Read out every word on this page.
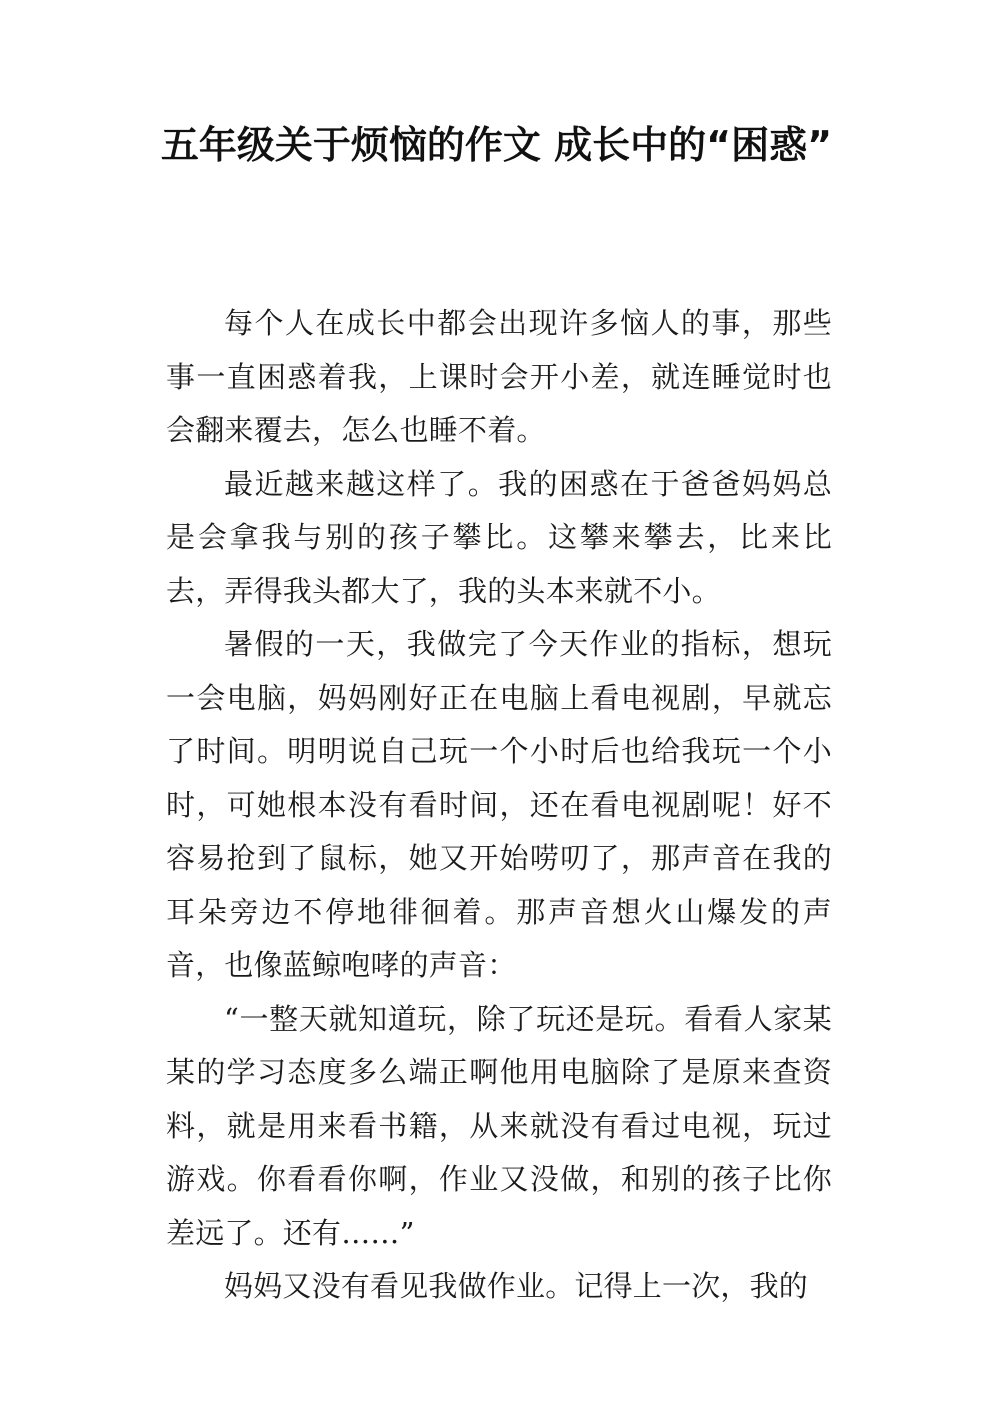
五年级关于烦恼的作文 成长中的“困惑”

每个人在成长中都会出现许多恼人的事，那些事一直困惑着我，上课时会开小差，就连睡觉时也会翻来覆去，怎么也睡不着。

最近越来越这样了。我的困惑在于爸爸妈妈总是会拿我与别的孩子攀比。这攀来攀去，比来比去，弄得我头都大了，我的头本来就不小。

暑假的一天，我做完了今天作业的指标，想玩一会电脑，妈妈刚好正在电脑上看电视剧，早就忘了时间。明明说自己玩一个小时后也给我玩一个小时，可她根本没有看时间，还在看电视剧呢！好不容易抢到了鼠标，她又开始唠叨了，那声音在我的耳朵旁边不停地徘徊着。那声音想火山爆发的声音，也像蓝鲸咆哮的声音：

“一整天就知道玩，除了玩还是玩。看看人家某某的学习态度多么端正啊他用电脑除了是原来查资料，就是用来看书籍，从来就没有看过电视，玩过游戏。你看看你啊，作业又没做，和别的孩子比你差远了。还有……”

妈妈又没有看见我做作业。记得上一次，我的
